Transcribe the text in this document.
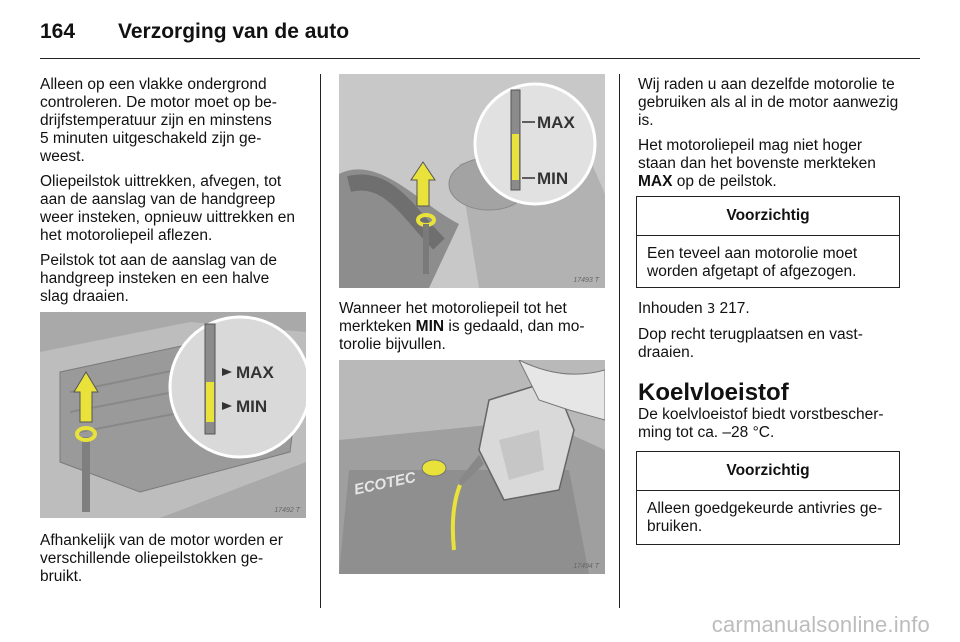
164 Verzorging van de auto

Alleen op een vlakke ondergrond
controleren. De motor moet op be-
drijfstemperatuur zijn en minstens
5 minuten uitgeschakeld zijn ge-
weest.

Oliepeilstok uittrekken, afvegen, tot
aan de aanslag van de handgreep
weer insteken, opnieuw uittrekken en
het motoroliepeil aflezen.

Peilstok tot aan de aanslag van de
handgreep insteken en een halve
slag draaien.

MAX
MIN
17492 T

Afhankelijk van de motor worden er
verschillende oliepeilstokken ge-
bruikt.

MAX
MIN
17493 T

Wanneer het motoroliepeil tot het
merkteken MIN is gedaald, dan mo-
torolie bijvullen.

ECOTEC
17494 T

Wij raden u aan dezelfde motorolie te
gebruiken als al in de motor aanwezig
is.

Het motoroliepeil mag niet hoger
staan dan het bovenste merkteken
MAX op de peilstok.

Voorzichtig
Een teveel aan motorolie moet
worden afgetapt of afgezogen.

Inhouden 3 217.

Dop recht terugplaatsen en vast-
draaien.

Koelvloeistof

De koelvloeistof biedt vorstbescher-
ming tot ca. –28 °C.

Voorzichtig
Alleen goedgekeurde antivries ge-
bruiken.
carmanualsonline.info
